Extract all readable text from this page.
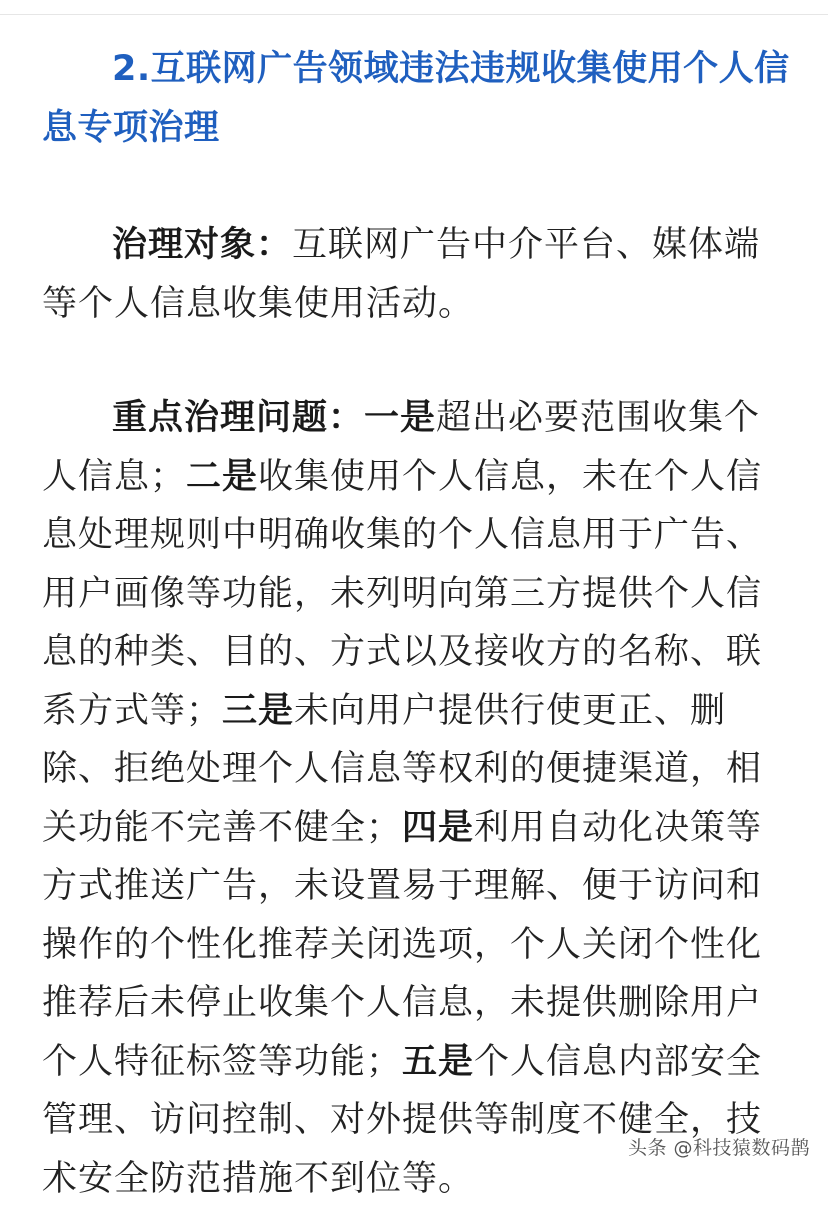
2.互联网广告领域违法违规收集使用个人信息专项治理

治理对象：互联网广告中介平台、媒体端等个人信息收集使用活动。

重点治理问题：一是超出必要范围收集个人信息；二是收集使用个人信息，未在个人信息处理规则中明确收集的个人信息用于广告、用户画像等功能，未列明向第三方提供个人信息的种类、目的、方式以及接收方的名称、联系方式等；三是未向用户提供行使更正、删除、拒绝处理个人信息等权利的便捷渠道，相关功能不完善不健全；四是利用自动化决策等方式推送广告，未设置易于理解、便于访问和操作的个性化推荐关闭选项，个人关闭个性化推荐后未停止收集个人信息，未提供删除用户个人特征标签等功能；五是个人信息内部安全管理、访问控制、对外提供等制度不健全，技术安全防范措施不到位等。

头条 @科技猿数码鹊
